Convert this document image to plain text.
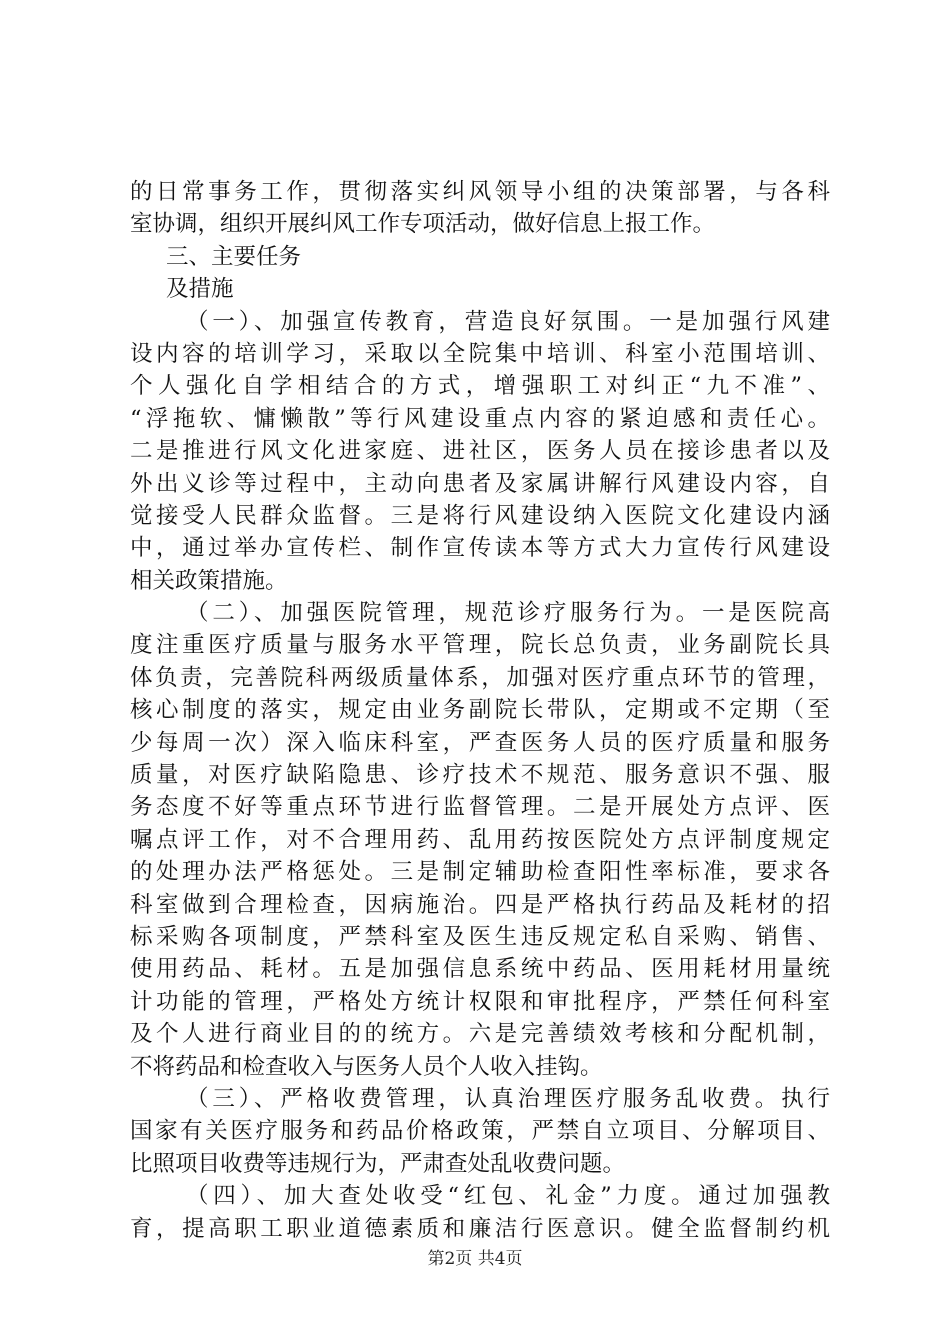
的日常事务工作，贯彻落实纠风领导小组的决策部署，与各科
室协调，组织开展纠风工作专项活动，做好信息上报工作。
三、主要任务
及措施
（一）、加强宣传教育，营造良好氛围。一是加强行风建
设内容的培训学习，采取以全院集中培训、科室小范围培训、
个人强化自学相结合的方式，增强职工对纠正“九不准”、
“浮拖软、慵懒散”等行风建设重点内容的紧迫感和责任心。
二是推进行风文化进家庭、进社区，医务人员在接诊患者以及
外出义诊等过程中，主动向患者及家属讲解行风建设内容，自
觉接受人民群众监督。三是将行风建设纳入医院文化建设内涵
中，通过举办宣传栏、制作宣传读本等方式大力宣传行风建设
相关政策措施。
（二）、加强医院管理，规范诊疗服务行为。一是医院高
度注重医疗质量与服务水平管理，院长总负责，业务副院长具
体负责，完善院科两级质量体系，加强对医疗重点环节的管理，
核心制度的落实，规定由业务副院长带队，定期或不定期（至
少每周一次）深入临床科室，严查医务人员的医疗质量和服务
质量，对医疗缺陷隐患、诊疗技术不规范、服务意识不强、服
务态度不好等重点环节进行监督管理。二是开展处方点评、医
嘱点评工作，对不合理用药、乱用药按医院处方点评制度规定
的处理办法严格惩处。三是制定辅助检查阳性率标准，要求各
科室做到合理检查，因病施治。四是严格执行药品及耗材的招
标采购各项制度，严禁科室及医生违反规定私自采购、销售、
使用药品、耗材。五是加强信息系统中药品、医用耗材用量统
计功能的管理，严格处方统计权限和审批程序，严禁任何科室
及个人进行商业目的的统方。六是完善绩效考核和分配机制，
不将药品和检查收入与医务人员个人收入挂钩。
（三）、严格收费管理，认真治理医疗服务乱收费。执行
国家有关医疗服务和药品价格政策，严禁自立项目、分解项目、
比照项目收费等违规行为，严肃查处乱收费问题。
（四）、加大查处收受“红包、礼金”力度。通过加强教
育，提高职工职业道德素质和廉洁行医意识。健全监督制约机
第2页 共4页
